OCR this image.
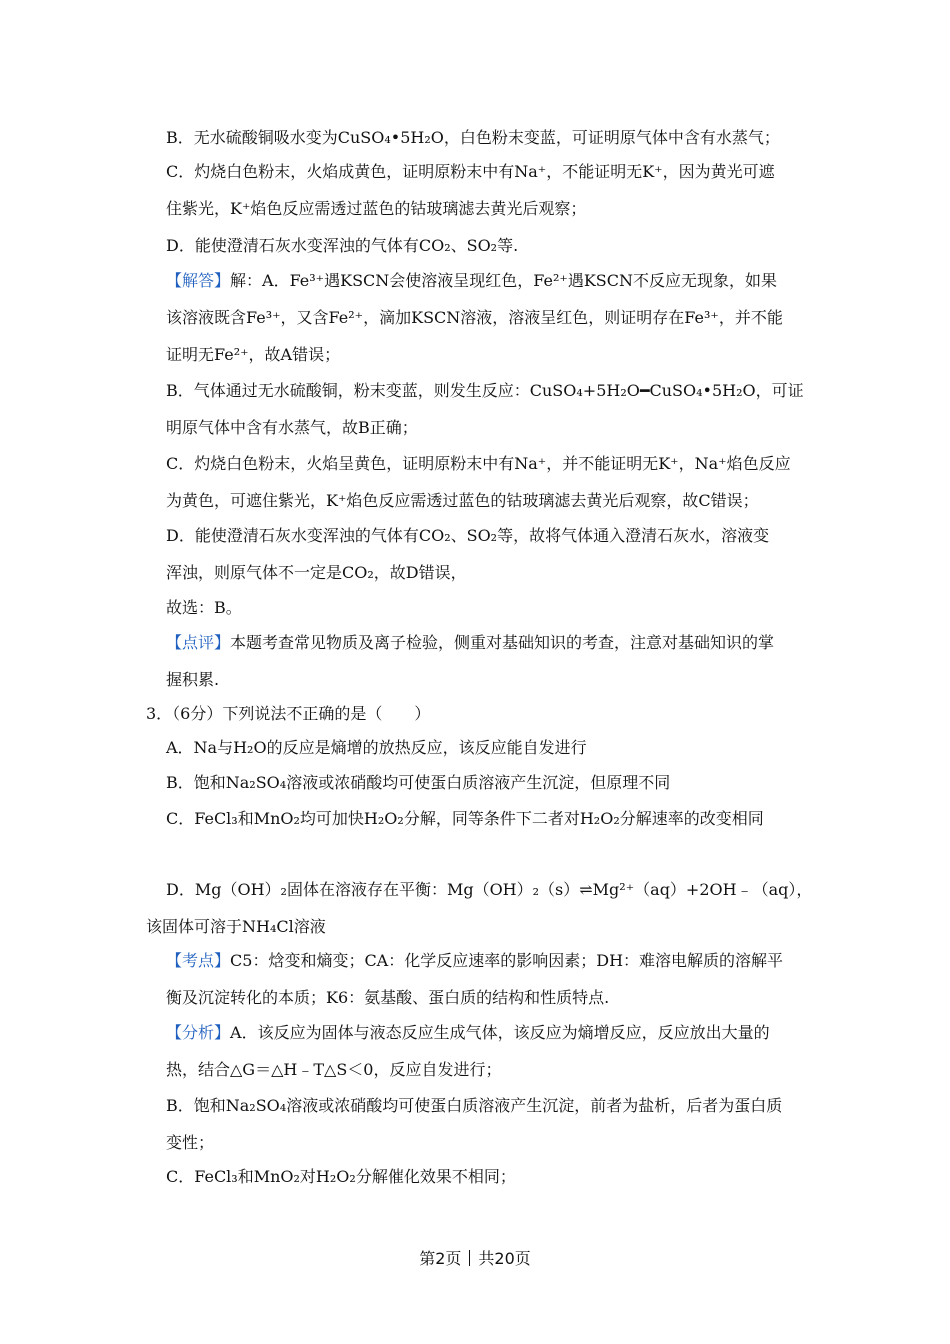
B．无水硫酸铜吸水变为CuSO₄•5H₂O，白色粉末变蓝，可证明原气体中含有水蒸气；
C．灼烧白色粉末，火焰成黄色，证明原粉末中有Na⁺，不能证明无K⁺，因为黄光可遮
住紫光，K⁺焰色反应需透过蓝色的钴玻璃滤去黄光后观察；
D．能使澄清石灰水变浑浊的气体有CO₂、SO₂等.
【解答】解：A．Fe³⁺遇KSCN会使溶液呈现红色，Fe²⁺遇KSCN不反应无现象，如果
该溶液既含Fe³⁺，又含Fe²⁺，滴加KSCN溶液，溶液呈红色，则证明存在Fe³⁺，并不能
证明无Fe²⁺，故A错误；
B．气体通过无水硫酸铜，粉末变蓝，则发生反应：CuSO₄+5H₂O━CuSO₄•5H₂O，可证
明原气体中含有水蒸气，故B正确；
C．灼烧白色粉末，火焰呈黄色，证明原粉末中有Na⁺，并不能证明无K⁺，Na⁺焰色反应
为黄色，可遮住紫光，K⁺焰色反应需透过蓝色的钴玻璃滤去黄光后观察，故C错误；
D．能使澄清石灰水变浑浊的气体有CO₂、SO₂等，故将气体通入澄清石灰水，溶液变
浑浊，则原气体不一定是CO₂，故D错误，
故选：B。
【点评】本题考查常见物质及离子检验，侧重对基础知识的考查，注意对基础知识的掌
握积累.
3．（6分）下列说法不正确的是（　　）
A．Na与H₂O的反应是熵增的放热反应，该反应能自发进行
B．饱和Na₂SO₄溶液或浓硝酸均可使蛋白质溶液产生沉淀，但原理不同
C．FeCl₃和MnO₂均可加快H₂O₂分解，同等条件下二者对H₂O₂分解速率的改变相同
D．Mg（OH）₂固体在溶液存在平衡：Mg（OH）₂（s）⇌Mg²⁺（aq）+2OH﹣（aq），
该固体可溶于NH₄Cl溶液
【考点】C5：焓变和熵变；CA：化学反应速率的影响因素；DH：难溶电解质的溶解平
衡及沉淀转化的本质；K6：氨基酸、蛋白质的结构和性质特点.
【分析】A．该反应为固体与液态反应生成气体，该反应为熵增反应，反应放出大量的
热，结合△G＝△H﹣T△S＜0，反应自发进行；
B．饱和Na₂SO₄溶液或浓硝酸均可使蛋白质溶液产生沉淀，前者为盐析，后者为蛋白质
变性；
C．FeCl₃和MnO₂对H₂O₂分解催化效果不相同；
第2页 共20页
